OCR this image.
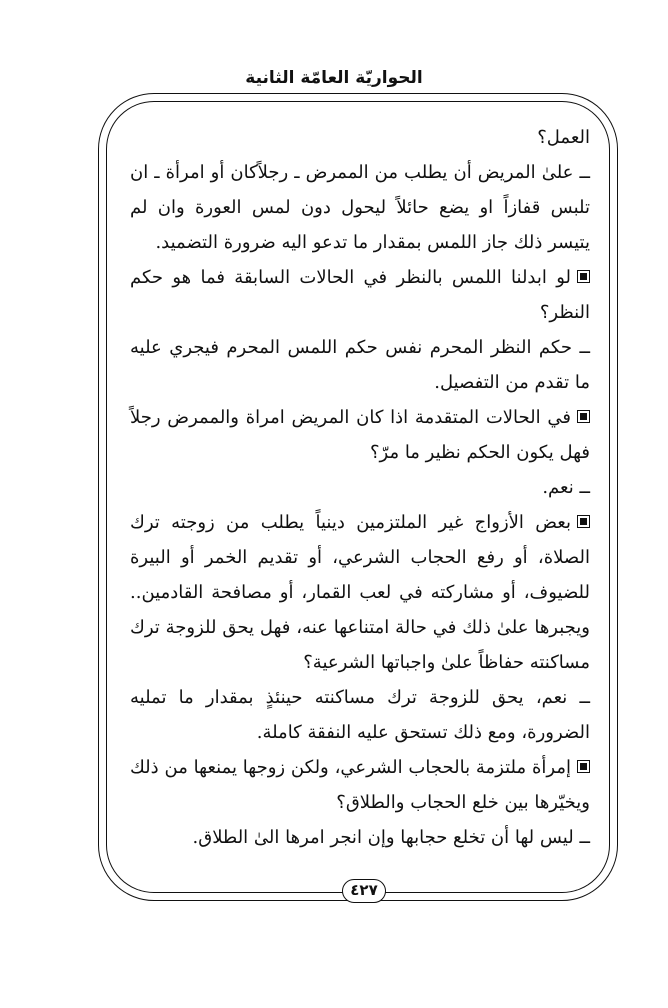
الحواريّة العامّة الثانية

العمل؟

ــ علىٰ المريض أن يطلب من الممرض ـ رجلاًكان أو امرأة ـ ان تلبس قفازاً او يضع حائلاً ليحول دون لمس العورة وان لم يتيسر ذلك جاز اللمس بمقدار ما تدعو اليه ضرورة التضميد.

لو ابدلنا اللمس بالنظر في الحالات السابقة فما هو حكم النظر؟

ــ حكم النظر المحرم نفس حكم اللمس المحرم فيجري عليه ما تقدم من التفصيل.

في الحالات المتقدمة اذا كان المريض امراة والممرض رجلاً فهل يكون الحكم نظير ما مرّ؟

ــ نعم.

بعض الأزواج غير الملتزمين دينياً يطلب من زوجته ترك الصلاة، أو رفع الحجاب الشرعي، أو تقديم الخمر أو البيرة للضيوف، أو مشاركته في لعب القمار، أو مصافحة القادمين.. ويجبرها علىٰ ذلك في حالة امتناعها عنه، فهل يحق للزوجة ترك مساكنته حفاظاً علىٰ واجباتها الشرعية؟

ــ نعم، يحق للزوجة ترك مساكنته حينئذٍ بمقدار ما تمليه الضرورة، ومع ذلك تستحق عليه النفقة كاملة.

إمرأة ملتزمة بالحجاب الشرعي، ولكن زوجها يمنعها من ذلك ويخيّرها بين خلع الحجاب والطلاق؟

ــ ليس لها أن تخلع حجابها وإن انجر امرها الىٰ الطلاق.

٤٢٧
